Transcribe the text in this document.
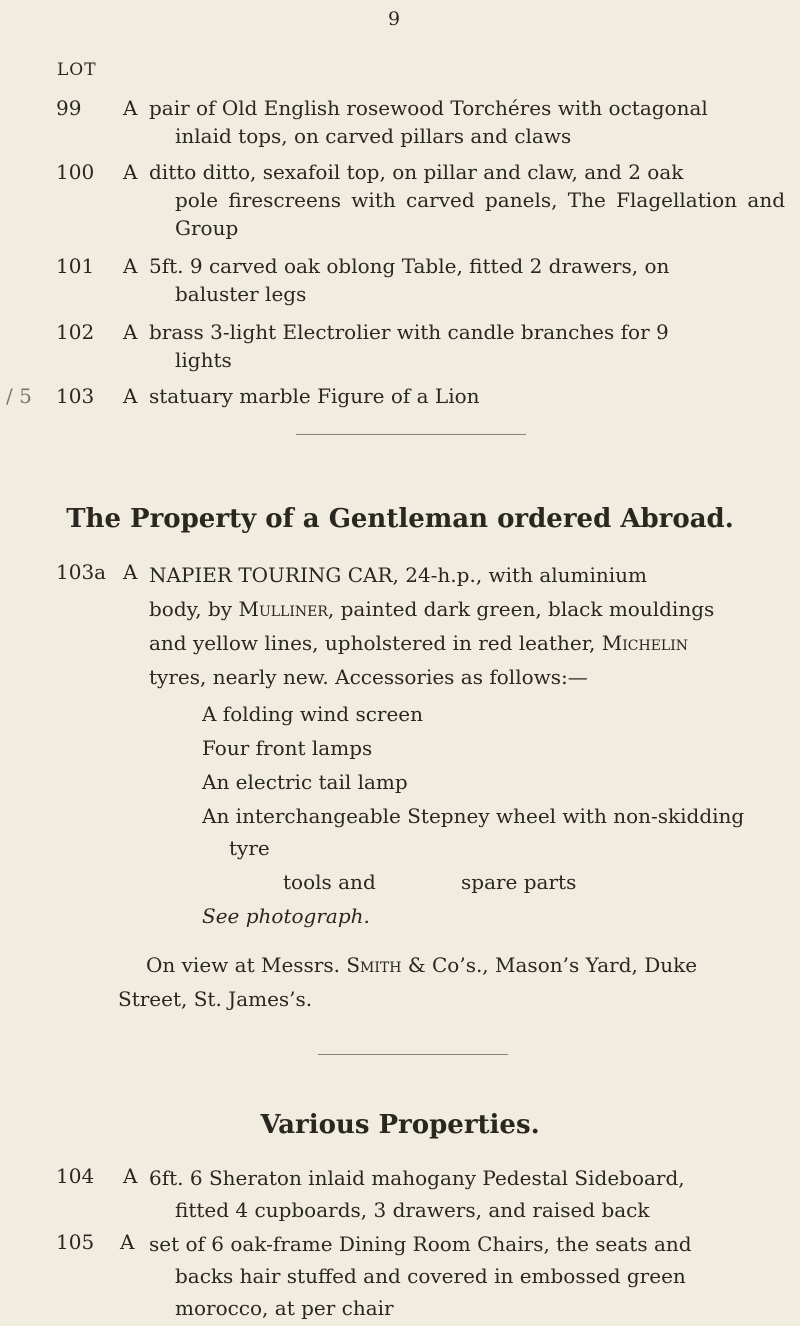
9
LOT
99	A pair of Old English rosewood Torchéres with octagonal
inlaid tops, on carved pillars and claws
100	A ditto ditto, sexafoil top, on pillar and claw, and 2 oak
pole firescreens with carved panels, The Flagellation and Group
101	A 5ft. 9 carved oak oblong Table, fitted 2 drawers, on
baluster legs
102	A brass 3-light Electrolier with candle branches for 9
lights
103	A statuary marble Figure of a Lion
/ 5
The Property of a Gentleman ordered Abroad.
103a A NAPIER TOURING CAR, 24-h.p., with aluminium
body, by Mulliner, painted dark green, black mouldings
and yellow lines, upholstered in red leather, Michelin
tyres, nearly new. Accessories as follows:—
A folding wind screen
Four front lamps
An electric tail lamp
An interchangeable Stepney wheel with non-skidding
tyre
tools and	spare parts
See photograph.
On view at Messrs. Smith & Co’s., Mason’s Yard, Duke
Street, St. James’s.
Various Properties.
104	A 6ft. 6 Sheraton inlaid mahogany Pedestal Sideboard,
fitted 4 cupboards, 3 drawers, and raised back
105	A set of 6 oak-frame Dining Room Chairs, the seats and
backs hair stuffed and covered in embossed green
morocco, at per chair
